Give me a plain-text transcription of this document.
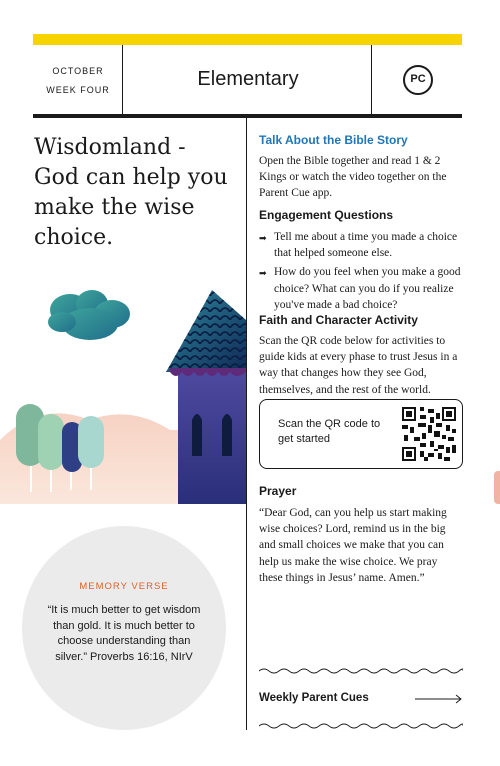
OCTOBER
WEEK FOUR	Elementary	PC
Wisdomland - God can help you make the wise choice.
Talk About the Bible Story
Open the Bible together and read 1 & 2 Kings or watch the video together on the Parent Cue app.
Engagement Questions
➡ Tell me about a time you made a choice that helped someone else.
➡ How do you feel when you make a good choice? What can you do if you realize you've made a bad choice?
Faith and Character Activity
Scan the QR code below for activities to guide kids at every phase to trust Jesus in a way that changes how they see God, themselves, and the rest of the world.
Scan the QR code to get started
Prayer
“Dear God, can you help us start making wise choices? Lord, remind us in the big and small choices we make that you can help us make the wise choice. We pray these things in Jesus’ name. Amen.”
Weekly Parent Cues
MEMORY VERSE
“It is much better to get wisdom than gold. It is much better to choose understanding than silver.” Proverbs 16:16, NIrV
